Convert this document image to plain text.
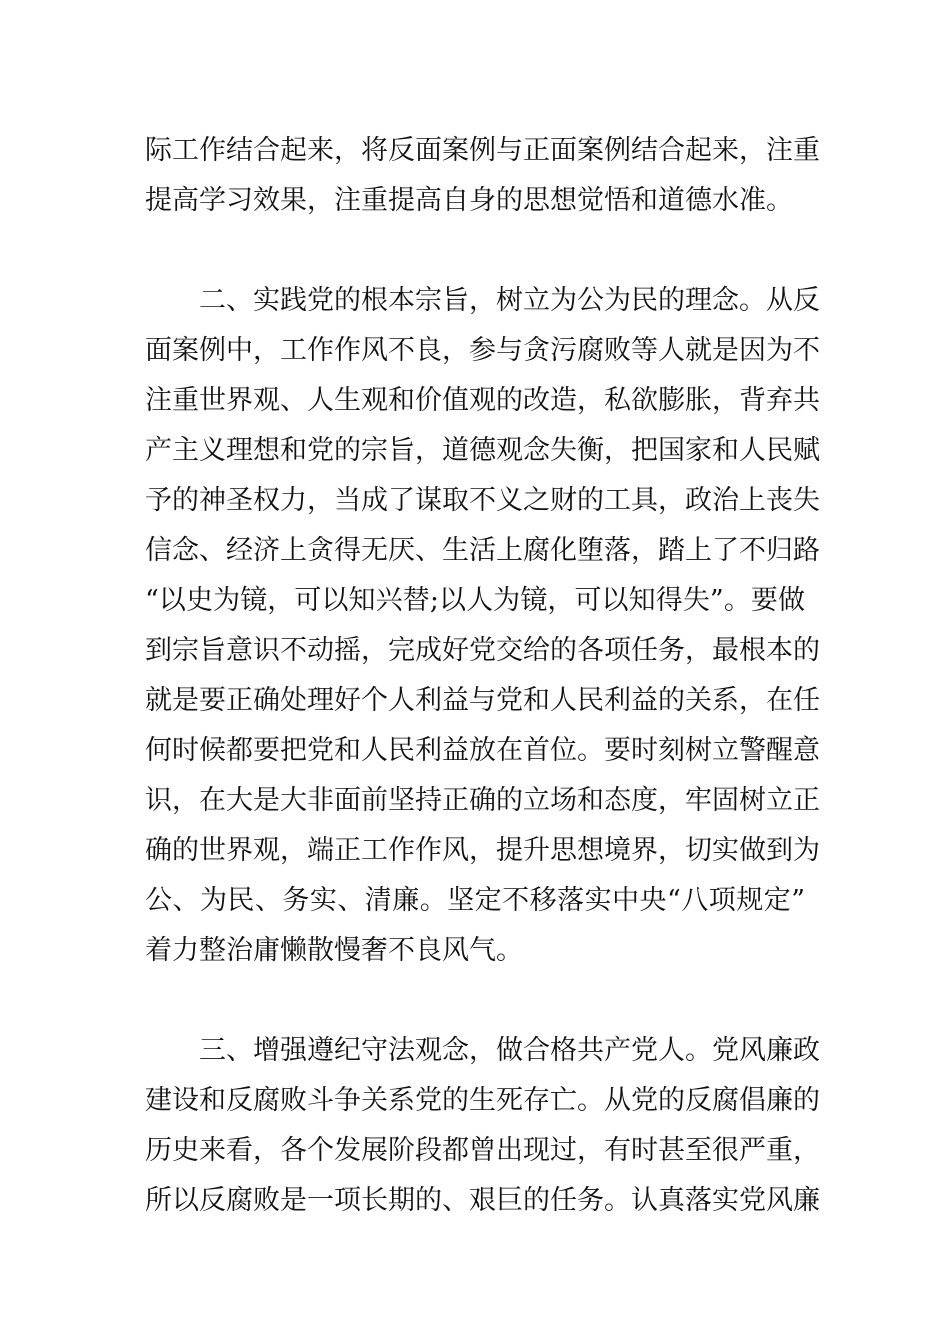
际工作结合起来，将反面案例与正面案例结合起来，注重
提高学习效果，注重提高自身的思想觉悟和道德水准。
二、实践党的根本宗旨，树立为公为民的理念。从反
面案例中，工作作风不良，参与贪污腐败等人就是因为不
注重世界观、人生观和价值观的改造，私欲膨胀，背弃共
产主义理想和党的宗旨，道德观念失衡，把国家和人民赋
予的神圣权力，当成了谋取不义之财的工具，政治上丧失
信念、经济上贪得无厌、生活上腐化堕落，踏上了不归路
“以史为镜，可以知兴替;以人为镜，可以知得失”。要做
到宗旨意识不动摇，完成好党交给的各项任务，最根本的
就是要正确处理好个人利益与党和人民利益的关系，在任
何时候都要把党和人民利益放在首位。要时刻树立警醒意
识，在大是大非面前坚持正确的立场和态度，牢固树立正
确的世界观，端正工作作风，提升思想境界，切实做到为
公、为民、务实、清廉。坚定不移落实中央“八项规定”
着力整治庸懒散慢奢不良风气。
三、增强遵纪守法观念，做合格共产党人。党风廉政
建设和反腐败斗争关系党的生死存亡。从党的反腐倡廉的
历史来看，各个发展阶段都曾出现过，有时甚至很严重，
所以反腐败是一项长期的、艰巨的任务。认真落实党风廉
